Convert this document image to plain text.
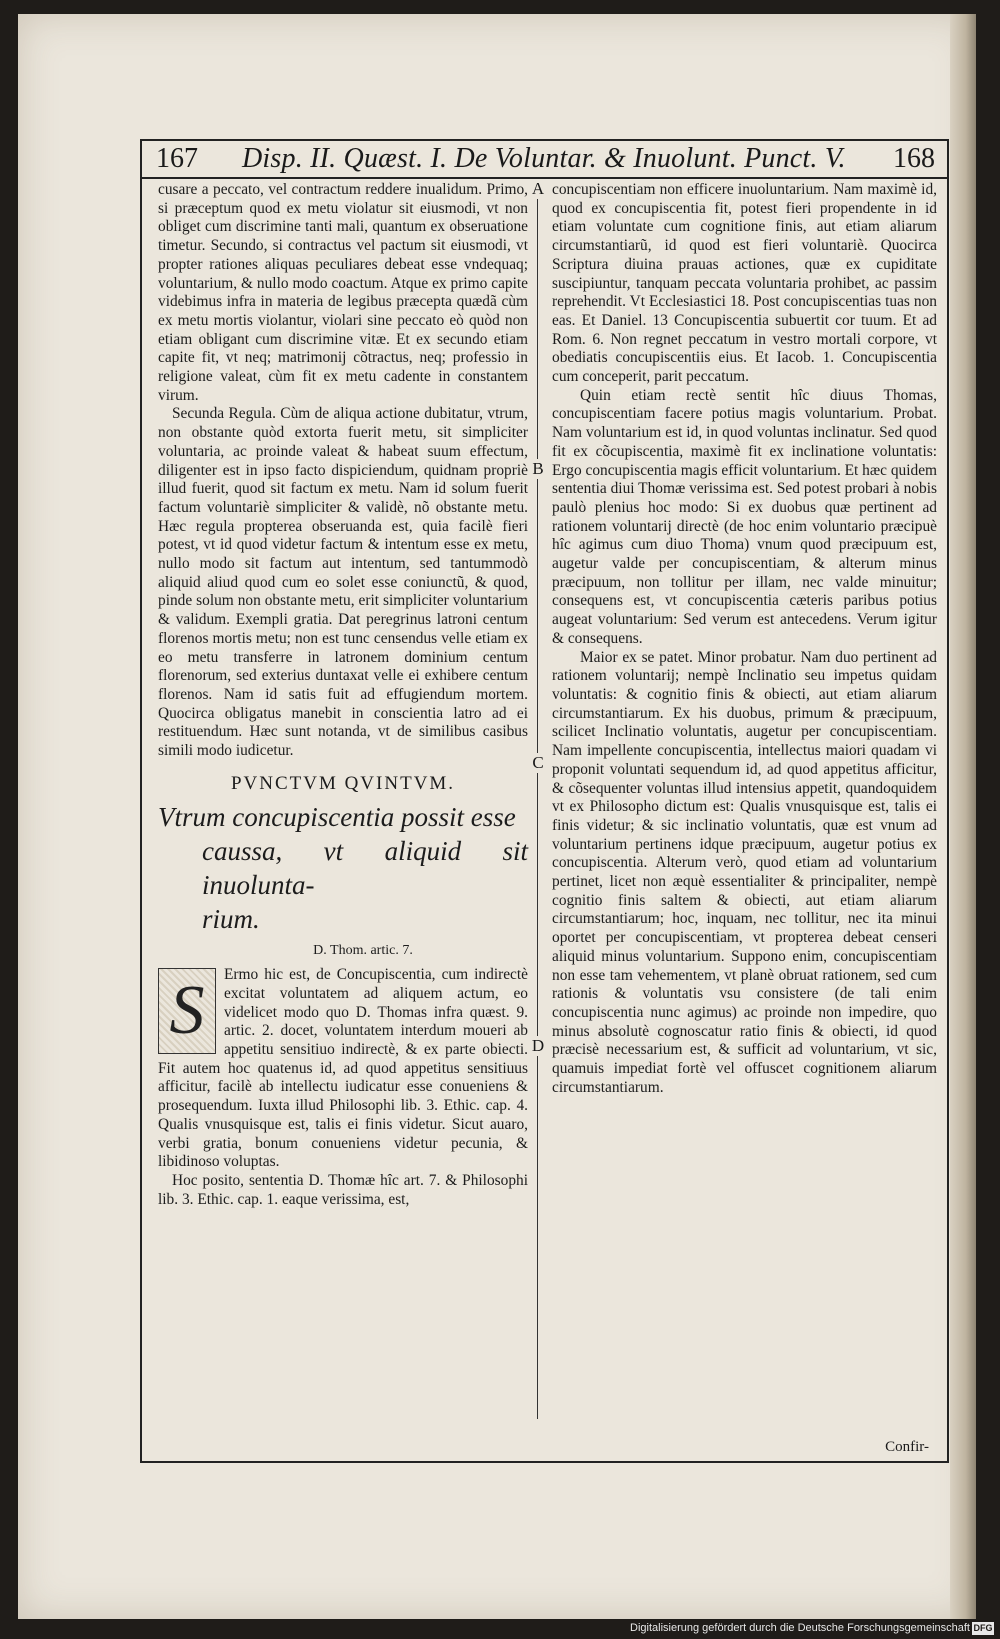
167 Disp. II. Quæst. I. De Voluntar. & Inuolunt. Punct. V. 168
A
B
C
D

cusare a peccato, vel contractum reddere inualidum. Primo, si præceptum quod ex metu violatur sit eiusmodi, vt non obliget cum discrimine tanti mali, quantum ex obseruatione timetur. Secundo, si contractus vel pactum sit eiusmodi, vt propter rationes aliquas peculiares debeat esse vndequaq; voluntarium, & nullo modo coactum. Atque ex primo capite videbimus infra in materia de legibus præcepta quædã cùm ex metu mortis violantur, violari sine peccato eò quòd non etiam obligant cum discrimine vitæ. Et ex secundo etiam capite fit, vt neq; matrimonij cõtractus, neq; professio in religione valeat, cùm fit ex metu cadente in constantem virum.

Secunda Regula. Cùm de aliqua actione dubitatur, vtrum, non obstante quòd extorta fuerit metu, sit simpliciter voluntaria, ac proinde valeat & habeat suum effectum, diligenter est in ipso facto dispiciendum, quidnam propriè illud fuerit, quod sit factum ex metu. Nam id solum fuerit factum voluntariè simpliciter & validè, nõ obstante metu. Hæc regula propterea obseruanda est, quia facilè fieri potest, vt id quod videtur factum & intentum esse ex metu, nullo modo sit factum aut intentum, sed tantummodò aliquid aliud quod cum eo solet esse coniunctũ, & quod, pinde solum non obstante metu, erit simpliciter voluntarium & validum. Exempli gratia. Dat peregrinus latroni centum florenos mortis metu; non est tunc censendus velle etiam ex eo metu transferre in latronem dominium centum florenorum, sed exterius duntaxat velle ei exhibere centum florenos. Nam id satis fuit ad effugiendum mortem. Quocirca obligatus manebit in conscientia latro ad ei restituendum. Hæc sunt notanda, vt de similibus casibus simili modo iudicetur.

PVNCTVM QVINTVM.
Vtrum concupiscentia possit esse
caussa, vt aliquid sit inuolunta-
rium.
D. Thom. artic. 7.
S	Ermo hic est, de Concupiscentia, cum indirectè excitat voluntatem ad aliquem actum, eo videlicet modo quo D. Thomas infra quæst. 9. artic. 2. docet, voluntatem interdum moueri ab appetitu sensitiuo indirectè, & ex parte obiecti. Fit autem hoc quatenus id, ad quod appetitus sensitiuus afficitur, facilè ab intellectu iudicatur esse conueniens & prosequendum. Iuxta illud Philosophi lib. 3. Ethic. cap. 4. Qualis vnusquisque est, talis ei finis videtur. Sicut auaro, verbi gratia, bonum conueniens videtur pecunia, & libidinoso voluptas.

Hoc posito, sententia D. Thomæ hîc art. 7. & Philosophi lib. 3. Ethic. cap. 1. eaque verissima, est,

concupiscentiam non efficere inuoluntarium. Nam maximè id, quod ex concupiscentia fit, potest fieri propendente in id etiam voluntate cum cognitione finis, aut etiam aliarum circumstantiarũ, id quod est fieri voluntariè. Quocirca Scriptura diuina prauas actiones, quæ ex cupiditate suscipiuntur, tanquam peccata voluntaria prohibet, ac passim reprehendit. Vt Ecclesiastici 18. Post concupiscentias tuas non eas. Et Daniel. 13 Concupiscentia subuertit cor tuum. Et ad Rom. 6. Non regnet peccatum in vestro mortali corpore, vt obediatis concupiscentiis eius. Et Iacob. 1. Concupiscentia cum conceperit, parit peccatum.

Quin etiam rectè sentit hîc diuus Thomas, concupiscentiam facere potius magis voluntarium. Probat. Nam voluntarium est id, in quod voluntas inclinatur. Sed quod fit ex cõcupiscentia, maximè fit ex inclinatione voluntatis: Ergo concupiscentia magis efficit voluntarium. Et hæc quidem sententia diui Thomæ verissima est. Sed potest probari à nobis paulò plenius hoc modo: Si ex duobus quæ pertinent ad rationem voluntarij directè (de hoc enim voluntario præcipuè hîc agimus cum diuo Thoma) vnum quod præcipuum est, augetur valde per concupiscentiam, & alterum minus præcipuum, non tollitur per illam, nec valde minuitur; consequens est, vt concupiscentia cæteris paribus potius augeat voluntarium: Sed verum est antecedens. Verum igitur & consequens.

Maior ex se patet. Minor probatur. Nam duo pertinent ad rationem voluntarij; nempè Inclinatio seu impetus quidam voluntatis: & cognitio finis & obiecti, aut etiam aliarum circumstantiarum. Ex his duobus, primum & præcipuum, scilicet Inclinatio voluntatis, augetur per concupiscentiam. Nam impellente concupiscentia, intellectus maiori quadam vi proponit voluntati sequendum id, ad quod appetitus afficitur, & cõsequenter voluntas illud intensius appetit, quandoquidem vt ex Philosopho dictum est: Qualis vnusquisque est, talis ei finis videtur; & sic inclinatio voluntatis, quæ est vnum ad voluntarium pertinens idque præcipuum, augetur potius ex concupiscentia. Alterum verò, quod etiam ad voluntarium pertinet, licet non æquè essentialiter & principaliter, nempè cognitio finis saltem & obiecti, aut etiam aliarum circumstantiarum; hoc, inquam, nec tollitur, nec ita minui oportet per concupiscentiam, vt propterea debeat censeri aliquid minus voluntarium. Suppono enim, concupiscentiam non esse tam vehementem, vt planè obruat rationem, sed cum rationis & voluntatis vsu consistere (de tali enim concupiscentia nunc agimus) ac proinde non impedire, quo minus absolutè cognoscatur ratio finis & obiecti, id quod præcisè necessarium est, & sufficit ad voluntarium, vt sic, quamuis impediat fortè vel offuscet cognitionem aliarum circumstantiarum.

Confir-
Digitalisierung gefördert durch die Deutsche Forschungsgemeinschaft DFG
